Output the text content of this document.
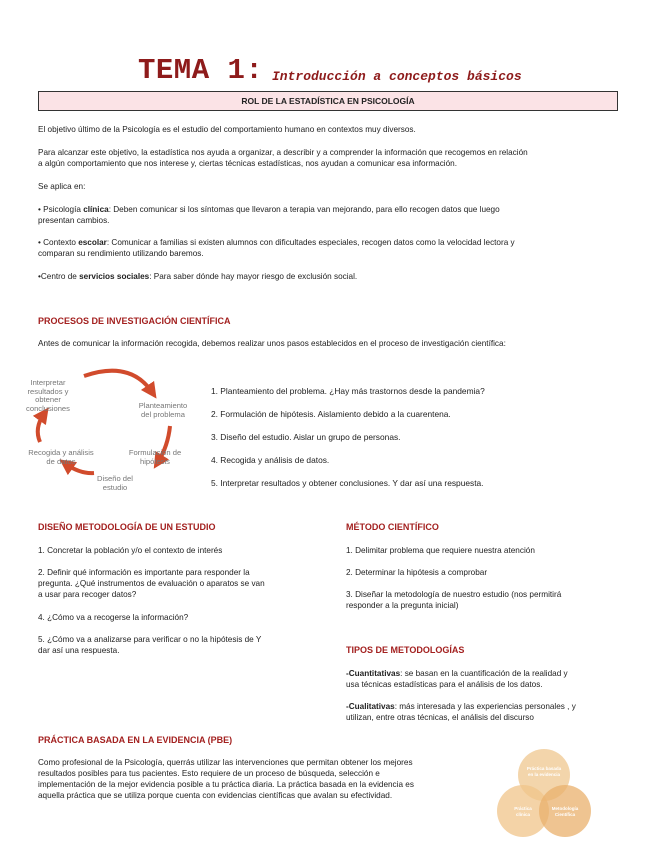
TEMA 1: Introducción a conceptos básicos
ROL DE LA ESTADÍSTICA EN PSICOLOGÍA
El objetivo último de la Psicología es el estudio del comportamiento humano en contextos muy diversos.
Para alcanzar este objetivo, la estadística nos ayuda a organizar, a describir y a comprender la información que recogemos en relación
a algún comportamiento que nos interese y, ciertas técnicas estadísticas, nos ayudan a comunicar esa información.
Se aplica en:
• Psicología clínica: Deben comunicar si los síntomas que llevaron a terapia van mejorando, para ello recogen datos que luego
presentan cambios.
• Contexto escolar: Comunicar a familias si existen alumnos con dificultades especiales, recogen datos como la velocidad lectora y
comparan su rendimiento utilizando baremos.
•Centro de servicios sociales: Para saber dónde hay mayor riesgo de exclusión social.
PROCESOS DE INVESTIGACIÓN CIENTÍFICA
Antes de comunicar la información recogida, debemos realizar unos pasos establecidos en el proceso de investigación científica:
Interpretar
resultados y
obtener
conclusiones	Planteamiento
del problema
Formulación de
hipótesis
Diseño del
estudio
Recogida y análisis
de datos
1. Planteamiento del problema. ¿Hay más trastornos desde la pandemia?
2. Formulación de hipótesis. Aislamiento debido a la cuarentena.
3. Diseño del estudio. Aislar un grupo de personas.
4. Recogida y análisis de datos.
5. Interpretar resultados y obtener conclusiones. Y dar así una respuesta.
DISEÑO METODOLOGÍA DE UN ESTUDIO
1. Concretar la población y/o el contexto de interés
2. Definir qué información es importante para responder la
pregunta. ¿Qué instrumentos de evaluación o aparatos se van
a usar para recoger datos?
4. ¿Cómo va a recogerse la información?
5. ¿Cómo va a analizarse para verificar o no la hipótesis de Y
dar así una respuesta.
MÉTODO CIENTÍFICO
1. Delimitar problema que requiere nuestra atención
2. Determinar la hipótesis a comprobar
3. Diseñar la metodología de nuestro estudio (nos permitirá
responder a la pregunta inicial)
TIPOS DE METODOLOGÍAS
-Cuantitativas: se basan en la cuantificación de la realidad y
usa técnicas estadísticas para el análisis de los datos.
-Cualitativas: más interesada y las experiencias personales , y
utilizan, entre otras técnicas, el análisis del discurso
PRÁCTICA BASADA EN LA EVIDENCIA (PBE)
Como profesional de la Psicología, querrás utilizar las intervenciones que permitan obtener los mejores
resultados posibles para tus pacientes. Esto requiere de un proceso de búsqueda, selección e
implementación de la mejor evidencia posible a tu práctica diaria. La práctica basada en la evidencia es
aquella práctica que se utiliza porque cuenta con evidencias científicas que avalan su efectividad.
Práctica basada
en la evidencia
Práctica
clínica
Metodología
Científica
